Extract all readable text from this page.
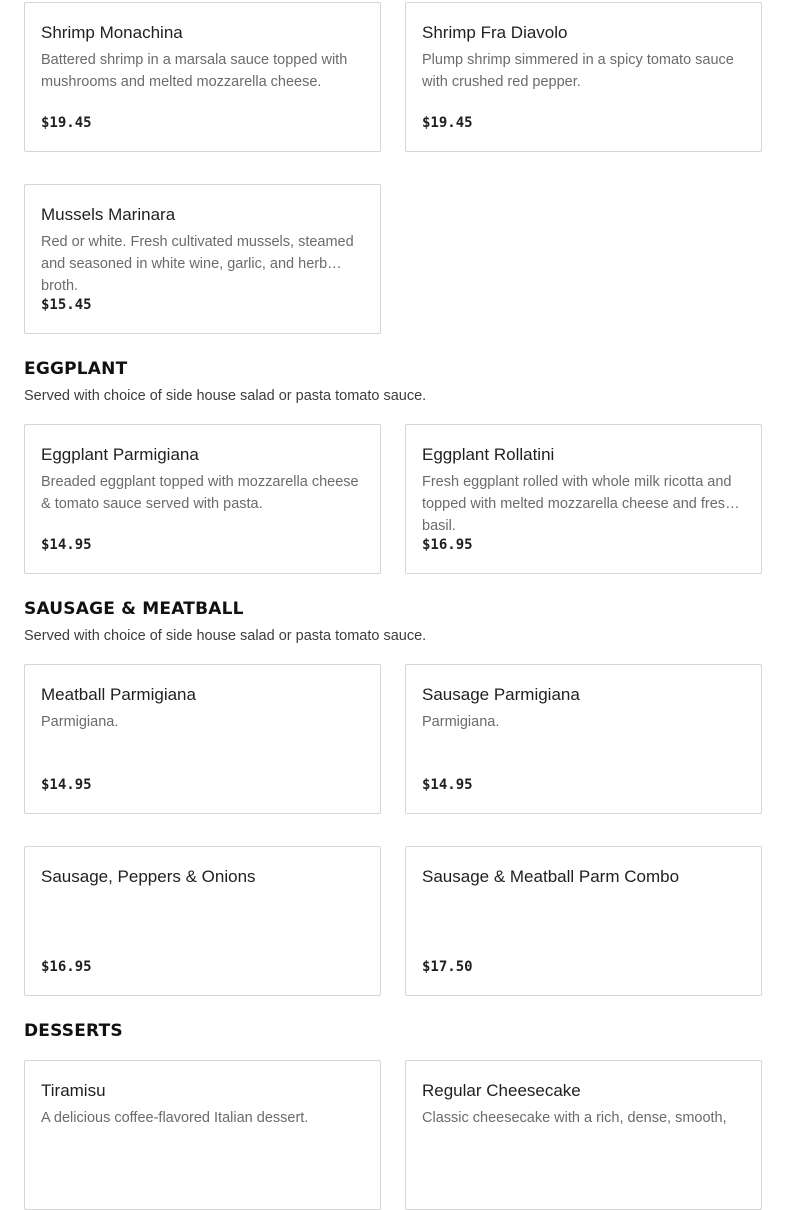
Shrimp Monachina
Battered shrimp in a marsala sauce topped with mushrooms and melted mozzarella cheese.
$19.45
Shrimp Fra Diavolo
Plump shrimp simmered in a spicy tomato sauce with crushed red pepper.
$19.45
Mussels Marinara
Red or white. Fresh cultivated mussels, steamed and seasoned in white wine, garlic, and herb broth.
$15.45
EGGPLANT
Served with choice of side house salad or pasta tomato sauce.
Eggplant Parmigiana
Breaded eggplant topped with mozzarella cheese & tomato sauce served with pasta.
$14.95
Eggplant Rollatini
Fresh eggplant rolled with whole milk ricotta and topped with melted mozzarella cheese and fresh basil.
$16.95
SAUSAGE & MEATBALL
Served with choice of side house salad or pasta tomato sauce.
Meatball Parmigiana
Parmigiana.
$14.95
Sausage Parmigiana
Parmigiana.
$14.95
Sausage, Peppers & Onions
$16.95
Sausage & Meatball Parm Combo
$17.50
DESSERTS
Tiramisu
A delicious coffee-flavored Italian dessert.
Regular Cheesecake
Classic cheesecake with a rich, dense, smooth,
